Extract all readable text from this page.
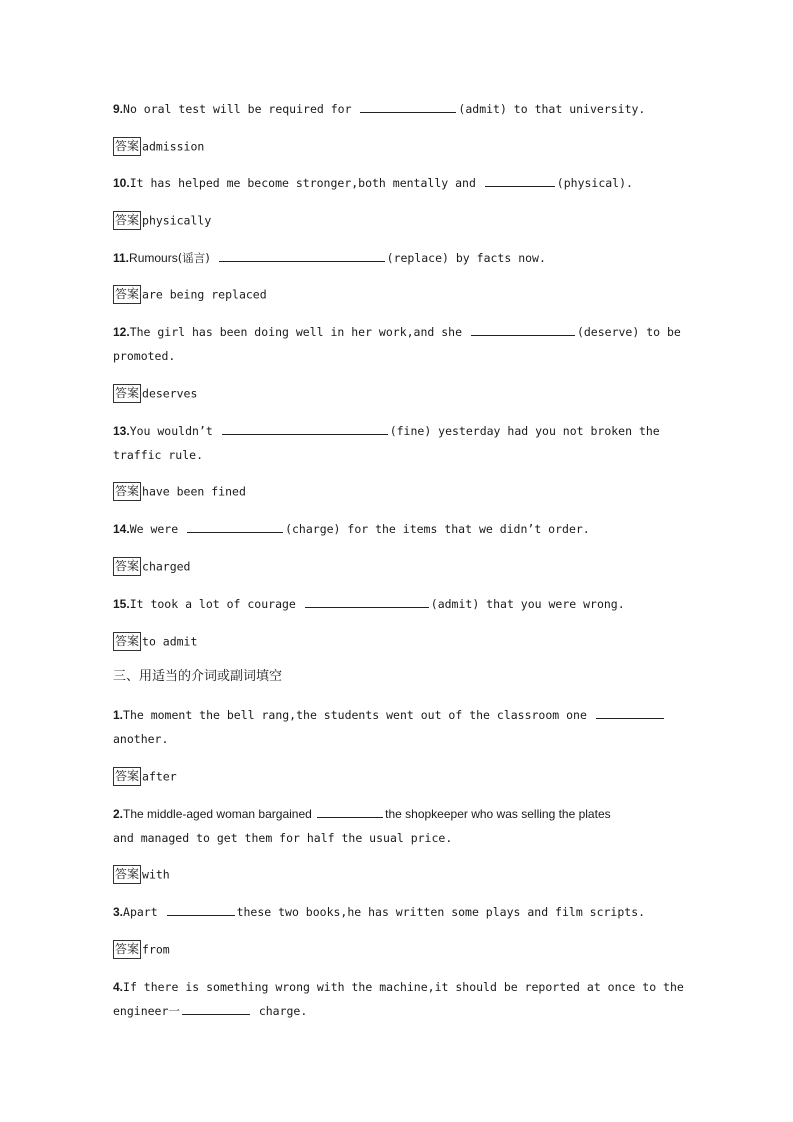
9.No oral test will be required for	(admit) to that university.
答案 admission
10.It has helped me become stronger,both mentally and	(physical).
答案 physically
11.Rumours(谣言)	(replace) by facts now.
答案 are being replaced
12.The girl has been doing well in her work,and she	(deserve) to be
promoted.
答案 deserves
13.You wouldn’t	(fine) yesterday had you not broken the
traffic rule.
答案 have been fined
14.We were	(charge) for the items that we didn’t order.
答案 charged
15.It took a lot of courage	(admit) that you were wrong.
答案 to admit
三、用适当的介词或副词填空
1.The moment the bell rang,the students went out of the classroom one
another.
答案 after
2.The middle-aged woman bargained	the shopkeeper who was selling the plates
and managed to get them for half the usual price.
答案 with
3.Apart	these two books,he has written some plays and film scripts.
答案 from
4.If there is something wrong with the machine,it should be reported at once to the
engineer一	charge.
